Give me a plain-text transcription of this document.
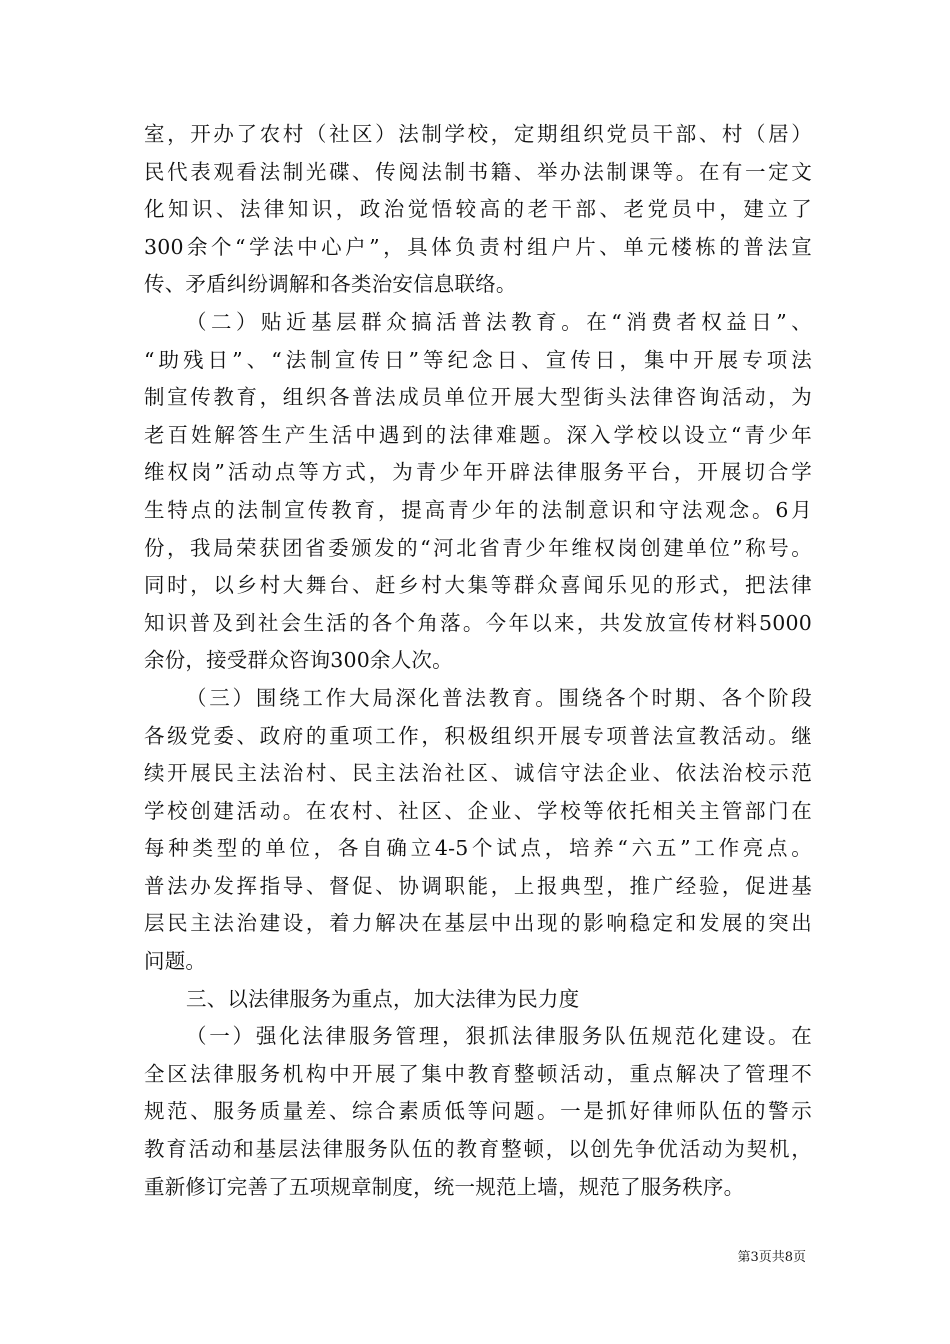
室，开办了农村（社区）法制学校，定期组织党员干部、村（居）
民代表观看法制光碟、传阅法制书籍、举办法制课等。在有一定文
化知识、法律知识，政治觉悟较高的老干部、老党员中，建立了
300余个“学法中心户”，具体负责村组户片、单元楼栋的普法宣
传、矛盾纠纷调解和各类治安信息联络。
（二）贴近基层群众搞活普法教育。在“消费者权益日”、
“助残日”、“法制宣传日”等纪念日、宣传日，集中开展专项法
制宣传教育，组织各普法成员单位开展大型街头法律咨询活动，为
老百姓解答生产生活中遇到的法律难题。深入学校以设立“青少年
维权岗”活动点等方式，为青少年开辟法律服务平台，开展切合学
生特点的法制宣传教育，提高青少年的法制意识和守法观念。6月
份，我局荣获团省委颁发的“河北省青少年维权岗创建单位”称号。
同时，以乡村大舞台、赶乡村大集等群众喜闻乐见的形式，把法律
知识普及到社会生活的各个角落。今年以来，共发放宣传材料5000
余份，接受群众咨询300余人次。
（三）围绕工作大局深化普法教育。围绕各个时期、各个阶段
各级党委、政府的重项工作，积极组织开展专项普法宣教活动。继
续开展民主法治村、民主法治社区、诚信守法企业、依法治校示范
学校创建活动。在农村、社区、企业、学校等依托相关主管部门在
每种类型的单位，各自确立4-5个试点，培养“六五”工作亮点。
普法办发挥指导、督促、协调职能，上报典型，推广经验，促进基
层民主法治建设，着力解决在基层中出现的影响稳定和发展的突出
问题。
三、以法律服务为重点，加大法律为民力度
（一）强化法律服务管理，狠抓法律服务队伍规范化建设。在
全区法律服务机构中开展了集中教育整顿活动，重点解决了管理不
规范、服务质量差、综合素质低等问题。一是抓好律师队伍的警示
教育活动和基层法律服务队伍的教育整顿，以创先争优活动为契机，
重新修订完善了五项规章制度，统一规范上墙，规范了服务秩序。
第3页共8页
